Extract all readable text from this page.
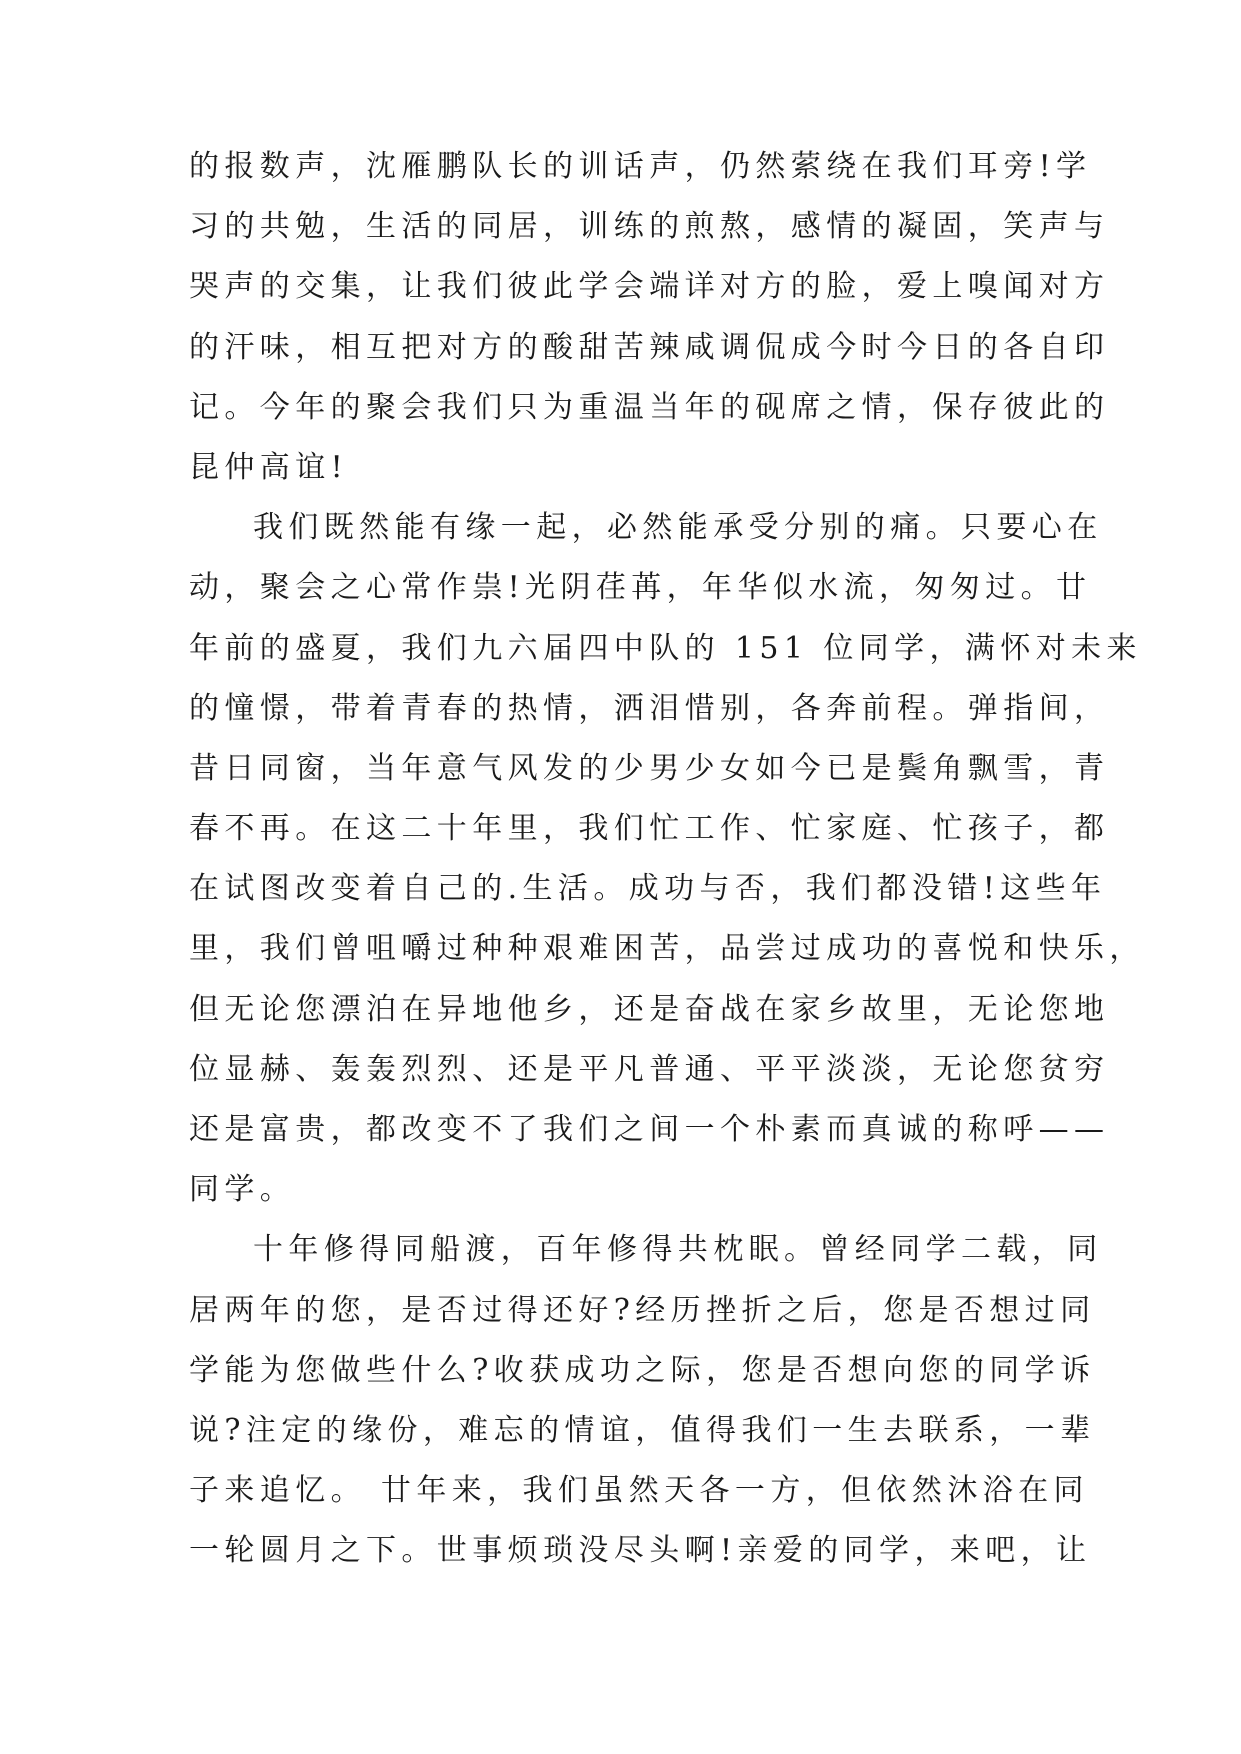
的报数声，沈雁鹏队长的训话声，仍然萦绕在我们耳旁!学
习的共勉，生活的同居，训练的煎熬，感情的凝固，笑声与
哭声的交集，让我们彼此学会端详对方的脸，爱上嗅闻对方
的汗味，相互把对方的酸甜苦辣咸调侃成今时今日的各自印
记。今年的聚会我们只为重温当年的砚席之情，保存彼此的
昆仲高谊!
我们既然能有缘一起，必然能承受分别的痛。只要心在
动，聚会之心常作祟!光阴荏苒，年华似水流，匆匆过。廿
年前的盛夏，我们九六届四中队的 151 位同学，满怀对未来
的憧憬，带着青春的热情，洒泪惜别，各奔前程。弹指间，
昔日同窗，当年意气风发的少男少女如今已是鬓角飘雪，青
春不再。在这二十年里，我们忙工作、忙家庭、忙孩子，都
在试图改变着自己的.生活。成功与否，我们都没错!这些年
里，我们曾咀嚼过种种艰难困苦，品尝过成功的喜悦和快乐，
但无论您漂泊在异地他乡，还是奋战在家乡故里，无论您地
位显赫、轰轰烈烈、还是平凡普通、平平淡淡，无论您贫穷
还是富贵，都改变不了我们之间一个朴素而真诚的称呼——
同学。
十年修得同船渡，百年修得共枕眠。曾经同学二载，同
居两年的您，是否过得还好?经历挫折之后，您是否想过同
学能为您做些什么?收获成功之际，您是否想向您的同学诉
说?注定的缘份，难忘的情谊，值得我们一生去联系，一辈
子来追忆。 廿年来，我们虽然天各一方，但依然沐浴在同
一轮圆月之下。世事烦琐没尽头啊!亲爱的同学，来吧，让
